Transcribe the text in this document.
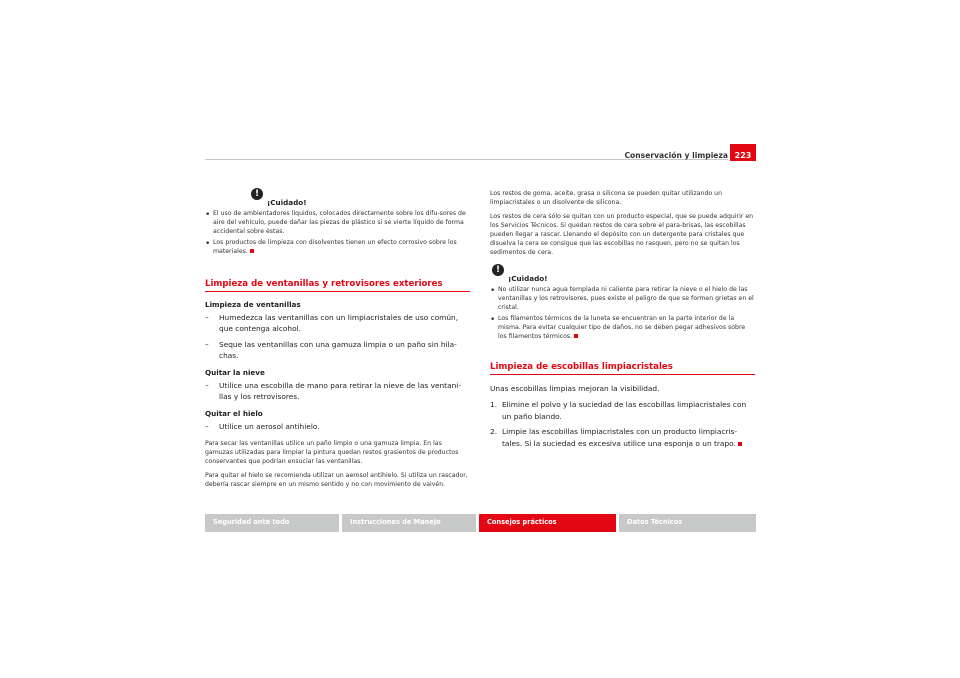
Conservación y limpieza 223
!
¡Cuidado!
• El uso de ambientadores líquidos, colocados directamente sobre los difu-sores de aire del vehículo, puede dañar las piezas de plástico si se vierte líquido de forma accidental sobre éstas.
• Los productos de limpieza con disolventes tienen un efecto corrosivo sobre los materiales.
Limpieza de ventanillas y retrovisores exteriores
Limpieza de ventanillas
– Humedezca las ventanillas con un limpiacristales de uso común, que contenga alcohol.
– Seque las ventanillas con una gamuza limpia o un paño sin hila-chas.
Quitar la nieve
– Utilice una escobilla de mano para retirar la nieve de las ventani-llas y los retrovisores.
Quitar el hielo
– Utilice un aerosol antihielo.

Para secar las ventanillas utilice un paño limpio o una gamuza limpia. En las gamuzas utilizadas para limpiar la pintura quedan restos grasientos de productos conservantes que podrían ensuciar las ventanillas.

Para quitar el hielo se recomienda utilizar un aerosol antihielo. Si utiliza un rascador, debería rascar siempre en un mismo sentido y no con movimiento de vaivén.

Los restos de goma, aceite, grasa o silicona se pueden quitar utilizando un limpiacristales o un disolvente de silicona.

Los restos de cera sólo se quitan con un producto especial, que se puede adquirir en los Servicios Técnicos. Si quedan restos de cera sobre el para-brisas, las escobillas pueden llegar a rascar. Llenando el depósito con un detergente para cristales que disuelva la cera se consigue que las escobillas no rasquen, pero no se quitan los sedimentos de cera.

!
¡Cuidado!
• No utilizar nunca agua templada ni caliente para retirar la nieve o el hielo de las ventanillas y los retrovisores, pues existe el peligro de que se formen grietas en el cristal.
• Los filamentos térmicos de la luneta se encuentran en la parte interior de la misma. Para evitar cualquier tipo de daños, no se deben pegar adhesivos sobre los filamentos térmicos.
Limpieza de escobillas limpiacristales

Unas escobillas limpias mejoran la visibilidad.

1. Elimine el polvo y la suciedad de las escobillas limpiacristales con un paño blando.
2. Limpie las escobillas limpiacristales con un producto limpiacris-tales. Si la suciedad es excesiva utilice una esponja o un trapo.
Seguridad ante todo	Instrucciones de Manejo	Consejos prácticos	Datos Técnicos
